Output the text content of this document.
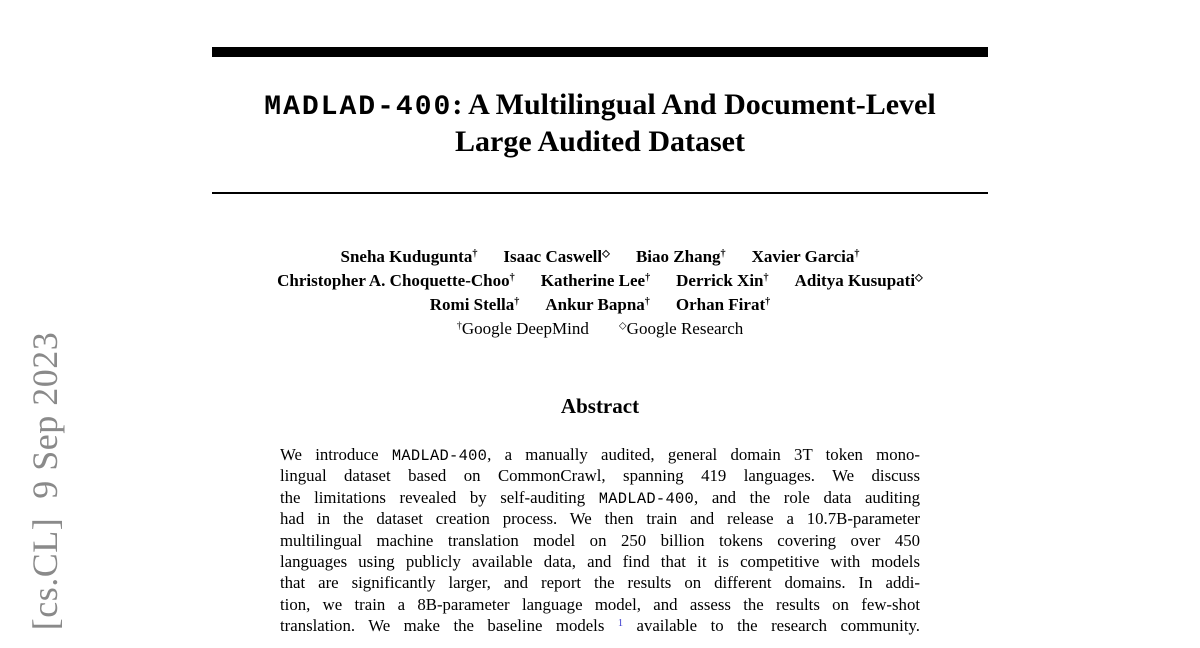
[cs.CL]  9 Sep 2023
MADLAD-400: A Multilingual And Document-Level
Large Audited Dataset
Sneha Kudugunta† Isaac Caswell◇ Biao Zhang† Xavier Garcia†
Christopher A. Choquette-Choo† Katherine Lee† Derrick Xin† Aditya Kusupati◇
Romi Stella† Ankur Bapna† Orhan Firat†
†Google DeepMind	◇Google Research
Abstract
We introduce MADLAD-400, a manually audited, general domain 3T token mono-
lingual dataset based on CommonCrawl, spanning 419 languages. We discuss
the limitations revealed by self-auditing MADLAD-400, and the role data auditing
had in the dataset creation process. We then train and release a 10.7B-parameter
multilingual machine translation model on 250 billion tokens covering over 450
languages using publicly available data, and find that it is competitive with models
that are significantly larger, and report the results on different domains. In addi-
tion, we train a 8B-parameter language model, and assess the results on few-shot
translation. We make the baseline models $^1$ available to the research community.
